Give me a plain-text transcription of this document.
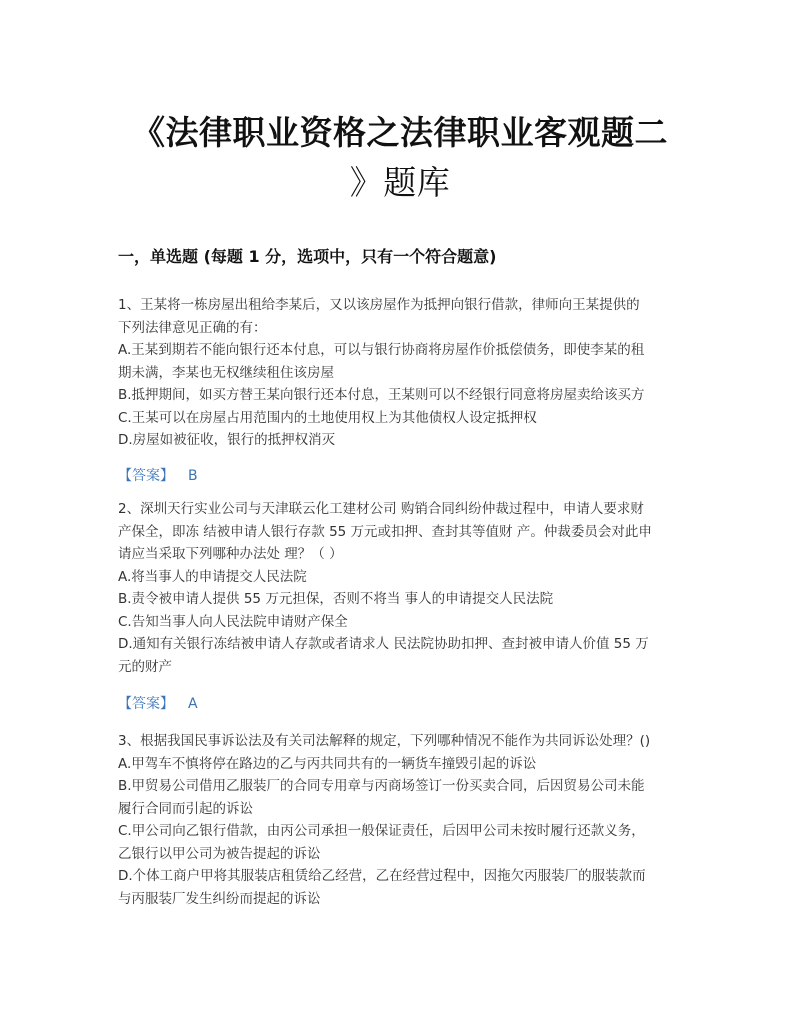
《法律职业资格之法律职业客观题二
》题库
一，单选题 (每题 1 分，选项中，只有一个符合题意)
1、王某将一栋房屋出租给李某后，又以该房屋作为抵押向银行借款，律师向王某提供的
下列法律意见正确的有：
A.王某到期若不能向银行还本付息，可以与银行协商将房屋作价抵偿债务，即使李某的租
期未满，李某也无权继续租住该房屋
B.抵押期间，如买方替王某向银行还本付息，王某则可以不经银行同意将房屋卖给该买方
C.王某可以在房屋占用范围内的土地使用权上为其他债权人设定抵押权
D.房屋如被征收，银行的抵押权消灭
【答案】 B
2、深圳天行实业公司与天津联云化工建材公司 购销合同纠纷仲裁过程中，申请人要求财
产保全，即冻 结被申请人银行存款 55 万元或扣押、查封其等值财 产。仲裁委员会对此申
请应当采取下列哪种办法处 理？（ ）
A.将当事人的申请提交人民法院
B.责令被申请人提供 55 万元担保，否则不将当 事人的申请提交人民法院
C.告知当事人向人民法院申请财产保全
D.通知有关银行冻结被申请人存款或者请求人 民法院协助扣押、查封被申请人价值 55 万
元的财产
【答案】 A
3、根据我国民事诉讼法及有关司法解释的规定，下列哪种情况不能作为共同诉讼处理？()
A.甲驾车不慎将停在路边的乙与丙共同共有的一辆货车撞毁引起的诉讼
B.甲贸易公司借用乙服装厂的合同专用章与丙商场签订一份买卖合同，后因贸易公司未能
履行合同而引起的诉讼
C.甲公司向乙银行借款，由丙公司承担一般保证责任，后因甲公司未按时履行还款义务，
乙银行以甲公司为被告提起的诉讼
D.个体工商户甲将其服装店租赁给乙经营，乙在经营过程中，因拖欠丙服装厂的服装款而
与丙服装厂发生纠纷而提起的诉讼
